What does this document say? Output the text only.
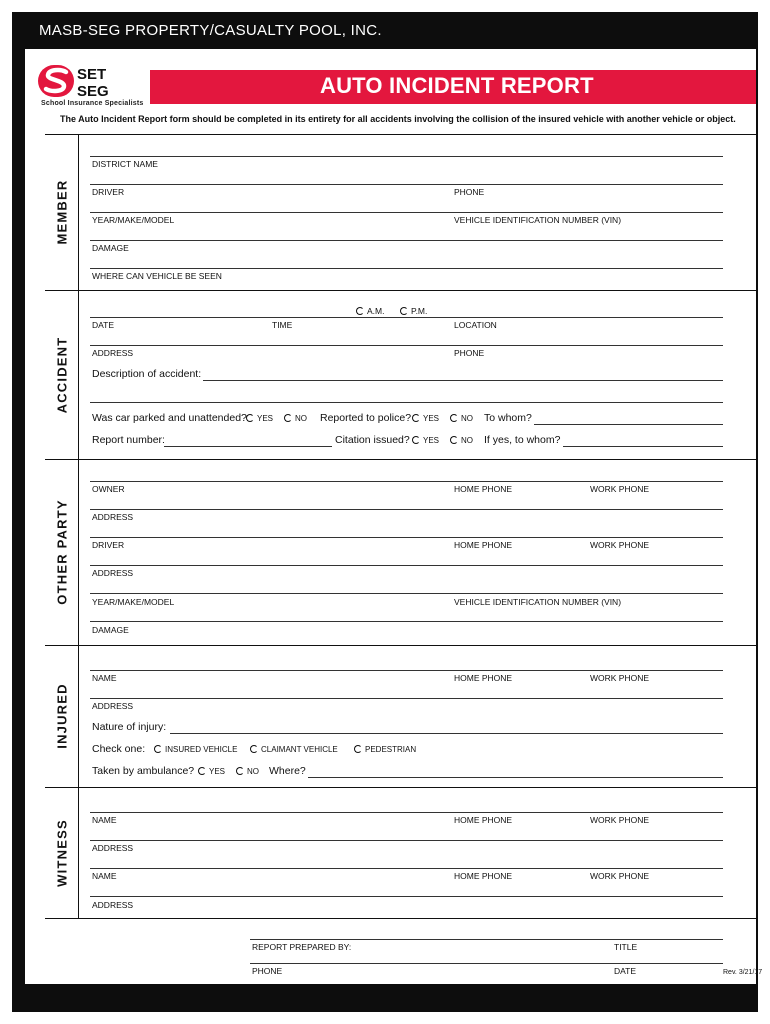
MASB-SEG PROPERTY/CASUALTY POOL, INC.
AUTO INCIDENT REPORT
SET
SEG
School Insurance Specialists
The Auto Incident Report form should be completed in its entirety for all accidents involving the collision of the insured vehicle with another vehicle or object.
MEMBER
ACCIDENT
OTHER PARTY
INJURED
WITNESS
DISTRICT NAME
DRIVER	PHONE
YEAR/MAKE/MODEL	VEHICLE IDENTIFICATION NUMBER (VIN)
DAMAGE
WHERE CAN VEHICLE BE SEEN
A.M.	P.M.
DATE	TIME	LOCATION
ADDRESS	PHONE
Description of accident:
Was car parked and unattended?	YES	NO Reported to police?	YES	NO To whom?
Report number:	Citation issued?	YES	NO If yes, to whom?
OWNER	HOME PHONE	WORK PHONE
ADDRESS
DRIVER	HOME PHONE	WORK PHONE
ADDRESS
YEAR/MAKE/MODEL	VEHICLE IDENTIFICATION NUMBER (VIN)
DAMAGE
NAME	HOME PHONE	WORK PHONE
ADDRESS
Nature of injury:
Check one:	INSURED VEHICLE	CLAIMANT VEHICLE	PEDESTRIAN
Taken by ambulance?	YES	NO Where?
NAME	HOME PHONE	WORK PHONE
ADDRESS
NAME	HOME PHONE	WORK PHONE
ADDRESS
REPORT PREPARED BY:	TITLE
PHONE	DATE	Rev. 3/21/17
